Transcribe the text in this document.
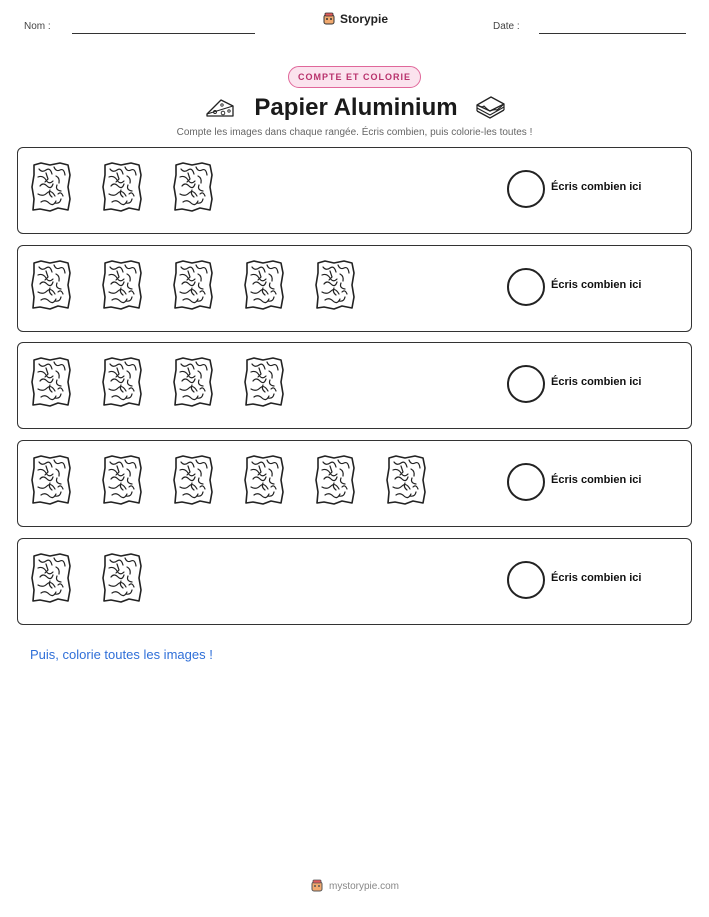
Nom :
Storypie
Date :
COMPTE ET COLORIE
Papier Aluminium
Compte les images dans chaque rangée. Écris combien, puis colorie-les toutes !
Écris combien ici
Écris combien ici
Écris combien ici
Écris combien ici
Écris combien ici
Puis, colorie toutes les images !
mystorypie.com
